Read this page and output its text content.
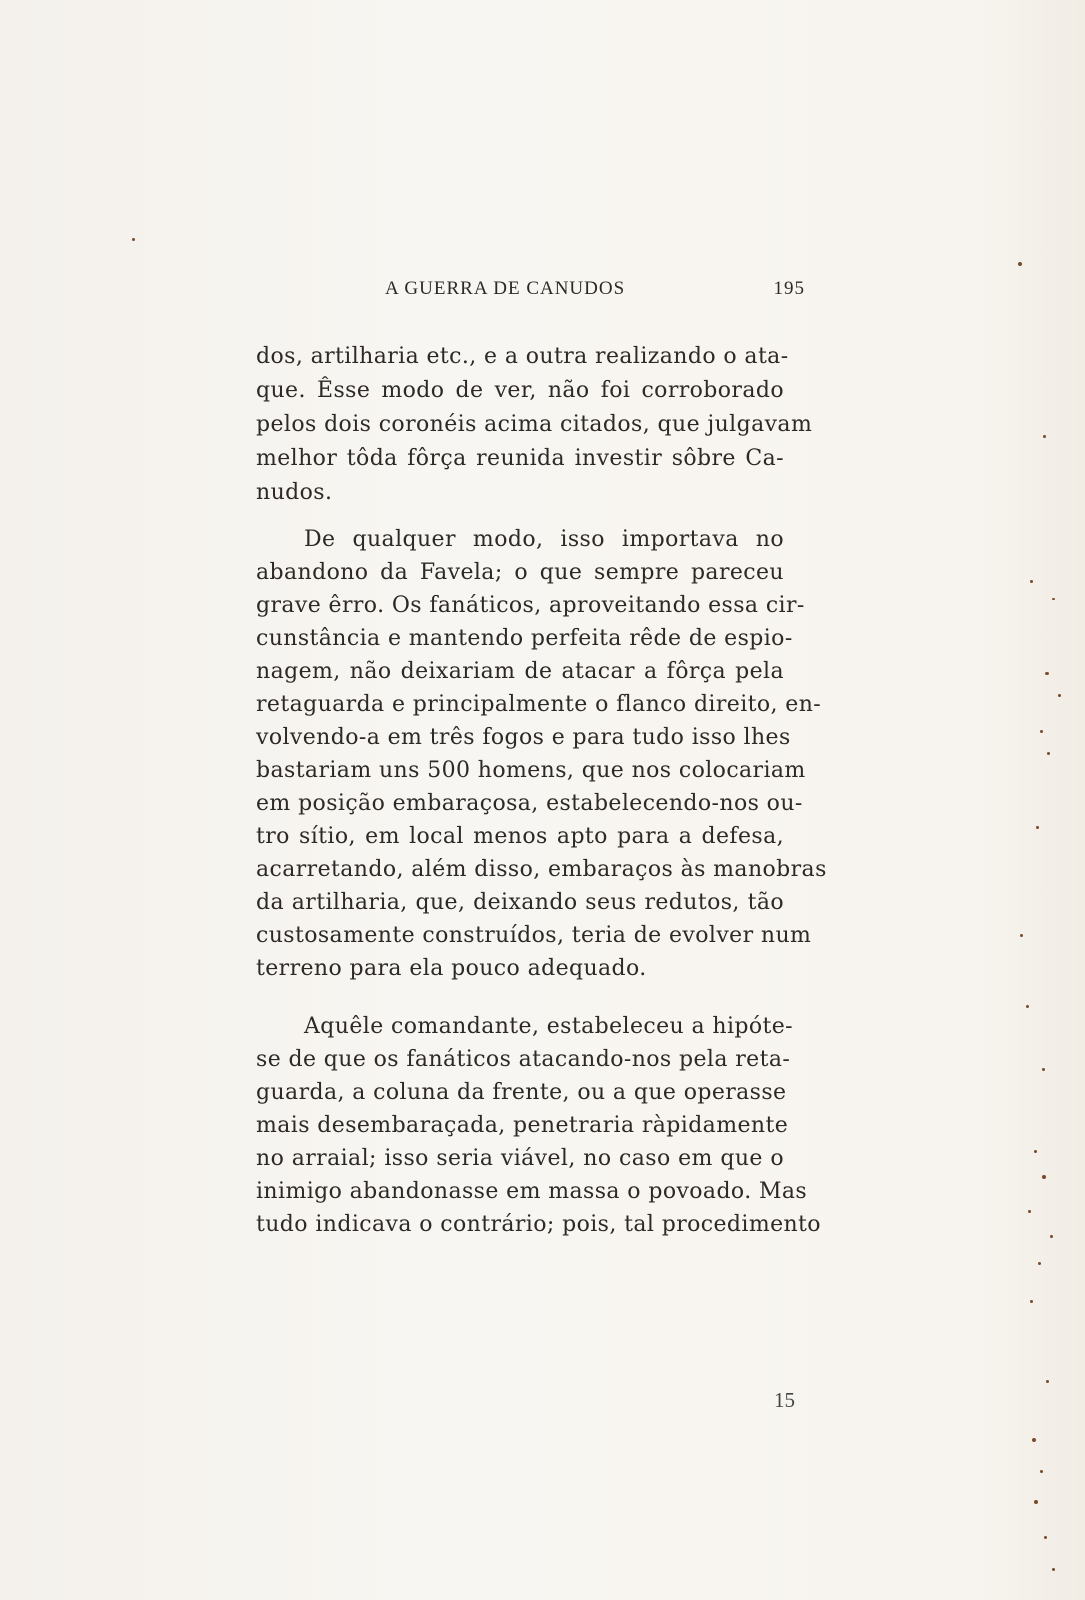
A GUERRA DE CANUDOS	195
dos, artilharia etc., e a outra realizando o ata-
que. Êsse modo de ver, não foi corroborado
pelos dois coronéis acima citados, que julgavam
melhor tôda fôrça reunida investir sôbre Ca-
nudos.
De qualquer modo, isso importava no
abandono da Favela; o que sempre pareceu
grave êrro. Os fanáticos, aproveitando essa cir-
cunstância e mantendo perfeita rêde de espio-
nagem, não deixariam de atacar a fôrça pela
retaguarda e principalmente o flanco direito, en-
volvendo-a em três fogos e para tudo isso lhes
bastariam uns 500 homens, que nos colocariam
em posição embaraçosa, estabelecendo-nos ou-
tro sítio, em local menos apto para a defesa,
acarretando, além disso, embaraços às manobras
da artilharia, que, deixando seus redutos, tão
custosamente construídos, teria de evolver num
terreno para ela pouco adequado.
Aquêle comandante, estabeleceu a hipóte-
se de que os fanáticos atacando-nos pela reta-
guarda, a coluna da frente, ou a que operasse
mais desembaraçada, penetraria ràpidamente
no arraial; isso seria viável, no caso em que o
inimigo abandonasse em massa o povoado. Mas
tudo indicava o contrário; pois, tal procedimento
15
